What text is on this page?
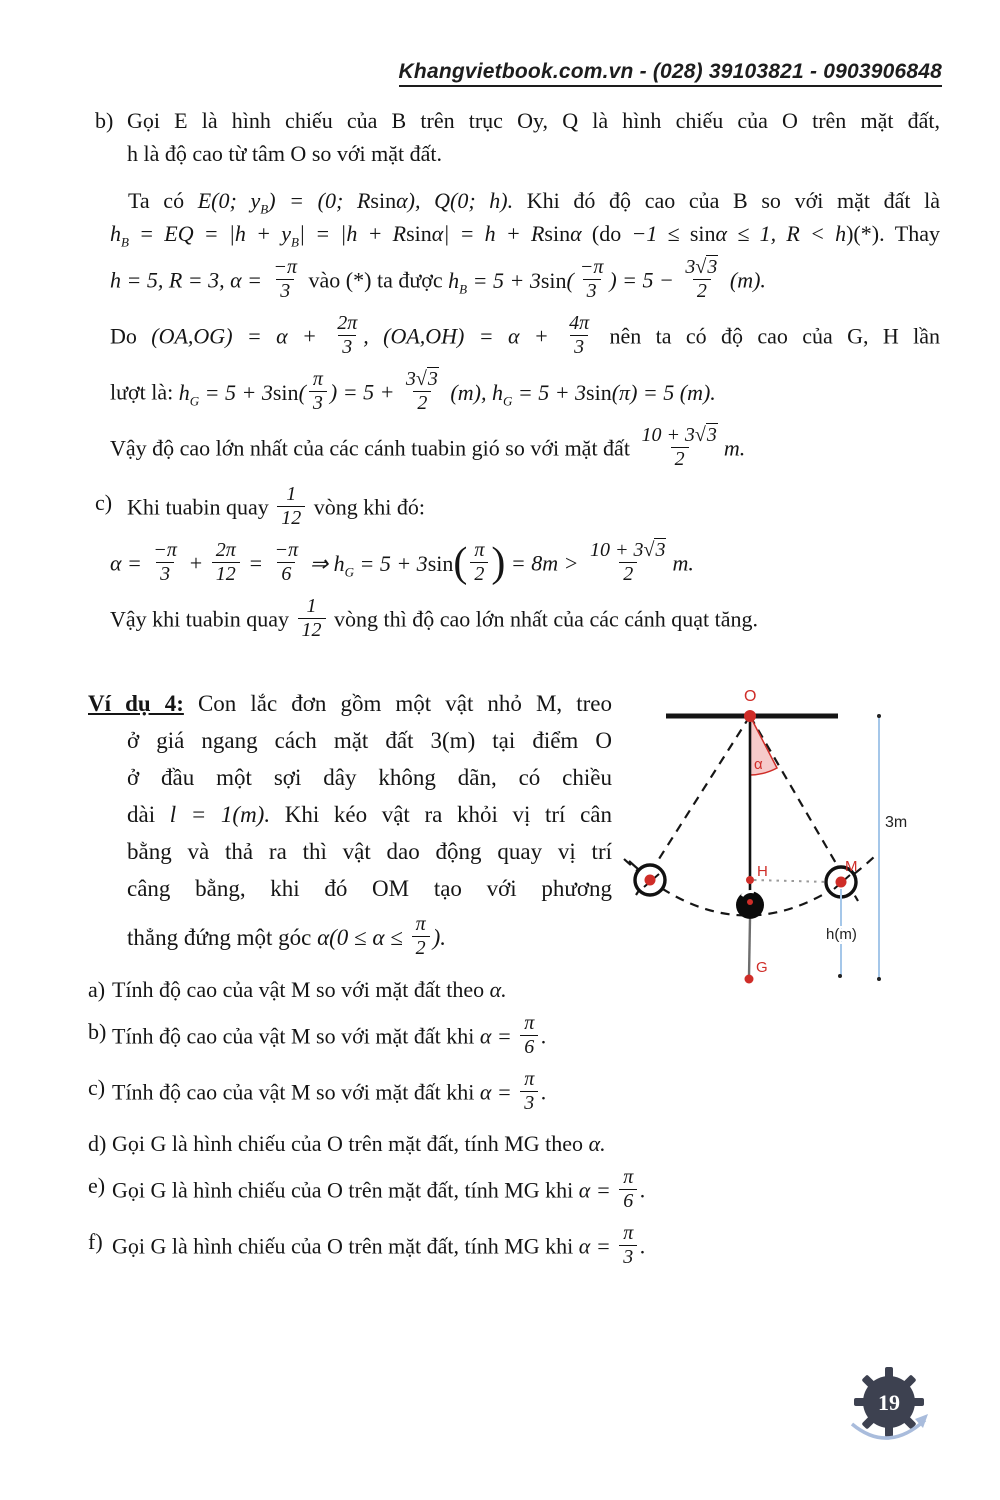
Khangvietbook.com.vn - (028) 39103821 - 0903906848
b) Gọi E là hình chiếu của B trên trục Oy, Q là hình chiếu của O trên mặt đất,
h là độ cao từ tâm O so với mặt đất.
Ta có E(0; $y_B) = (0$; Rsinα), Q(0; h). Khi đó độ cao của B so với mặt đất là
$h_B$ = EQ = $|h + y_B| = |h + Rsin\alpha| = h + Rsin\alpha$ (do −1 ≤ sinα ≤ 1, R < h)(*). Thay
h = 5, R = 3, $\alpha = \frac{-\pi}{3}$ vào (*) ta được $h_B = 5 + 3\sin( \frac{-\pi}{3}$ ) = $5 - \frac{3√3}{2} (m)$.
Do $(OA,OG) = \alpha + \frac{2\pi}{3}$ , $(OA,OH) = \alpha + \frac{4\pi}{3}$ nên ta có độ cao của G, H lần
lượt là: $h_G = 5 + 3\sin( \frac{\pi}{3}$ ) = $5 + \frac{3√3}{2} (m)$, $h_G = 5 + 3\sin(\pi) = 5$ (m).
Vậy độ cao lớn nhất của các cánh tuabin gió so với mặt đất $\frac{10 + 3√3}{2} m$.
c) Khi tuabin quay $\frac{1}{12}$ vòng khi đó:
$\alpha = \frac{-\pi}{3} + \frac{2\pi}{12} = \frac{-\pi}{6}$ ⇒ $h_G = 5 + 3\sin( \frac{\pi}{2}$ ) = $8m > \frac{10 + 3√3}{2} m$.
Vậy khi tuabin quay $\frac{1}{12}$ vòng thì độ cao lớn nhất của các cánh quạt tăng.
Ví dụ 4: Con lắc đơn gồm một vật nhỏ M, treo
ở giá ngang cách mặt đất 3(m) tại điểm O
ở đầu một sợi dây không dãn, có chiều
dài l = 1(m). Khi kéo vật ra khỏi vị trí cân
bằng và thả ra thì vật dao động quay vị trí
câng bằng, khi đó OM tạo với phương
thẳng đứng một góc $\alpha(0 \le \alpha \le \frac{\pi}{2}$ ).
O
α
H	M
G
3m
h(m)
a) Tính độ cao của vật M so với mặt đất theo α.
b) Tính độ cao của vật M so với mặt đất khi $\alpha = \frac{\pi}{6}$ .
c) Tính độ cao của vật M so với mặt đất khi $\alpha = \frac{\pi}{3}$ .
d) Gọi G là hình chiếu của O trên mặt đất, tính MG theo α.
e) Gọi G là hình chiếu của O trên mặt đất, tính MG khi $\alpha = \frac{\pi}{6}$ .
f) Gọi G là hình chiếu của O trên mặt đất, tính MG khi $\alpha = \frac{\pi}{3}$ .
19
